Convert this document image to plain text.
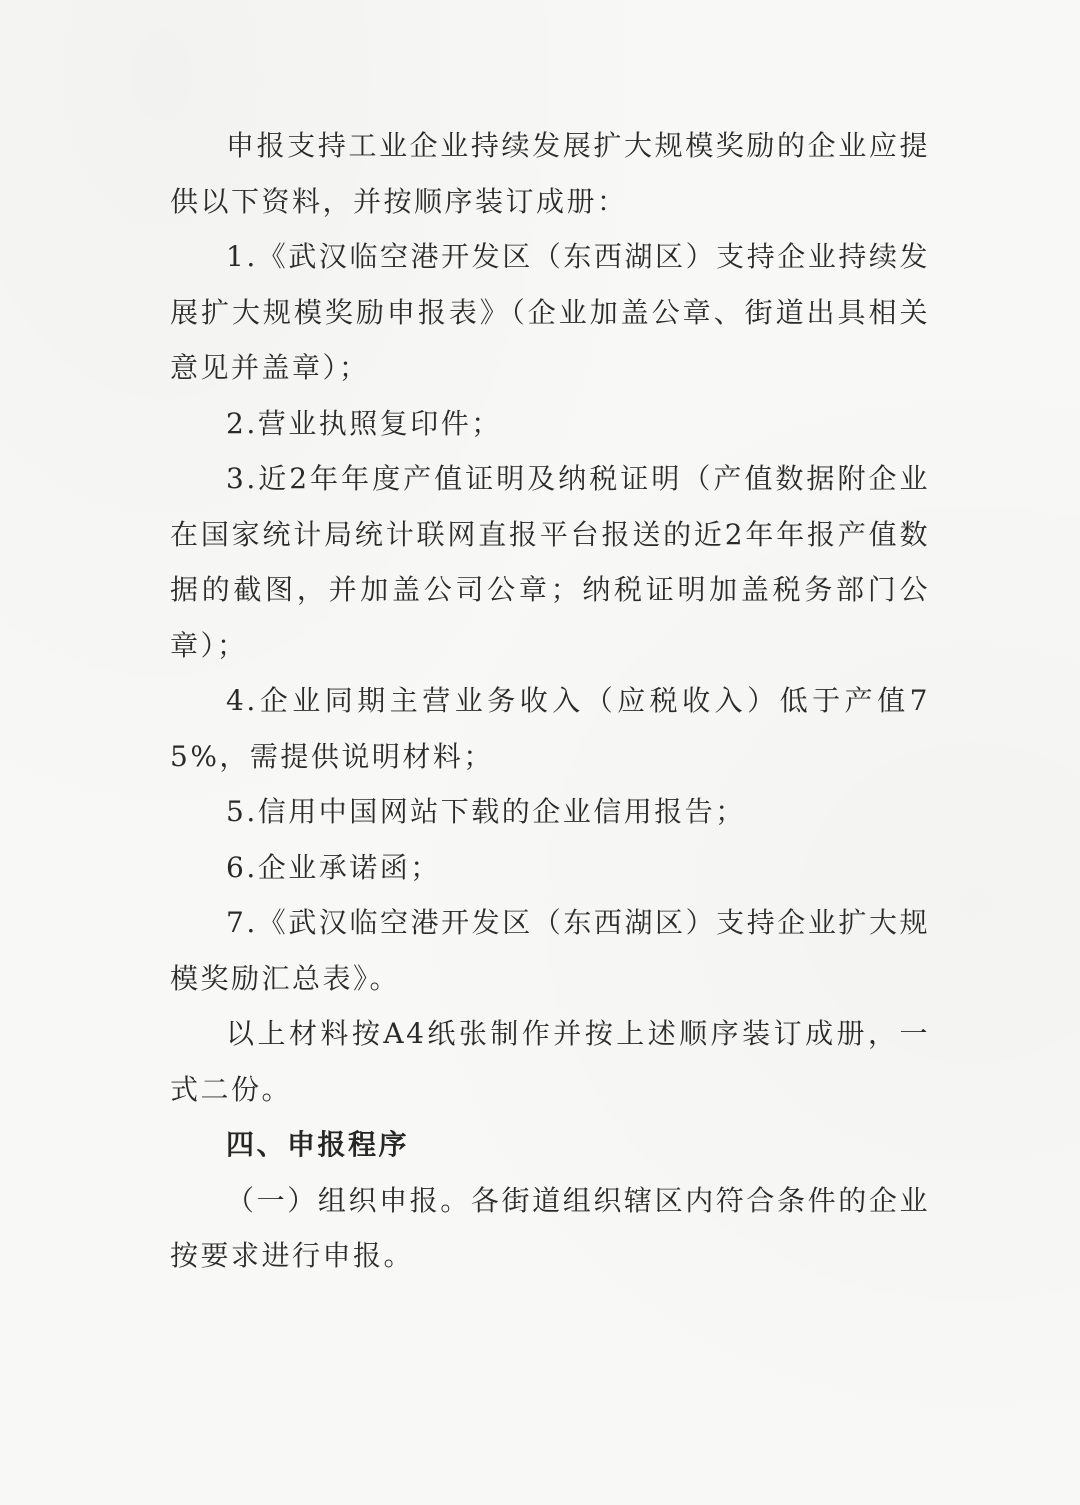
申报支持工业企业持续发展扩大规模奖励的企业应提供以下资料，并按顺序装订成册：

1.《武汉临空港开发区（东西湖区）支持企业持续发展扩大规模奖励申报表》（企业加盖公章、街道出具相关意见并盖章）；

2.营业执照复印件；

3.近2年年度产值证明及纳税证明（产值数据附企业在国家统计局统计联网直报平台报送的近2年年报产值数据的截图，并加盖公司公章；纳税证明加盖税务部门公章）；

4.企业同期主营业务收入（应税收入）低于产值75%，需提供说明材料；

5.信用中国网站下载的企业信用报告；

6.企业承诺函；

7.《武汉临空港开发区（东西湖区）支持企业扩大规模奖励汇总表》。

以上材料按A4纸张制作并按上述顺序装订成册，一式二份。

四、申报程序

（一）组织申报。各街道组织辖区内符合条件的企业按要求进行申报。
